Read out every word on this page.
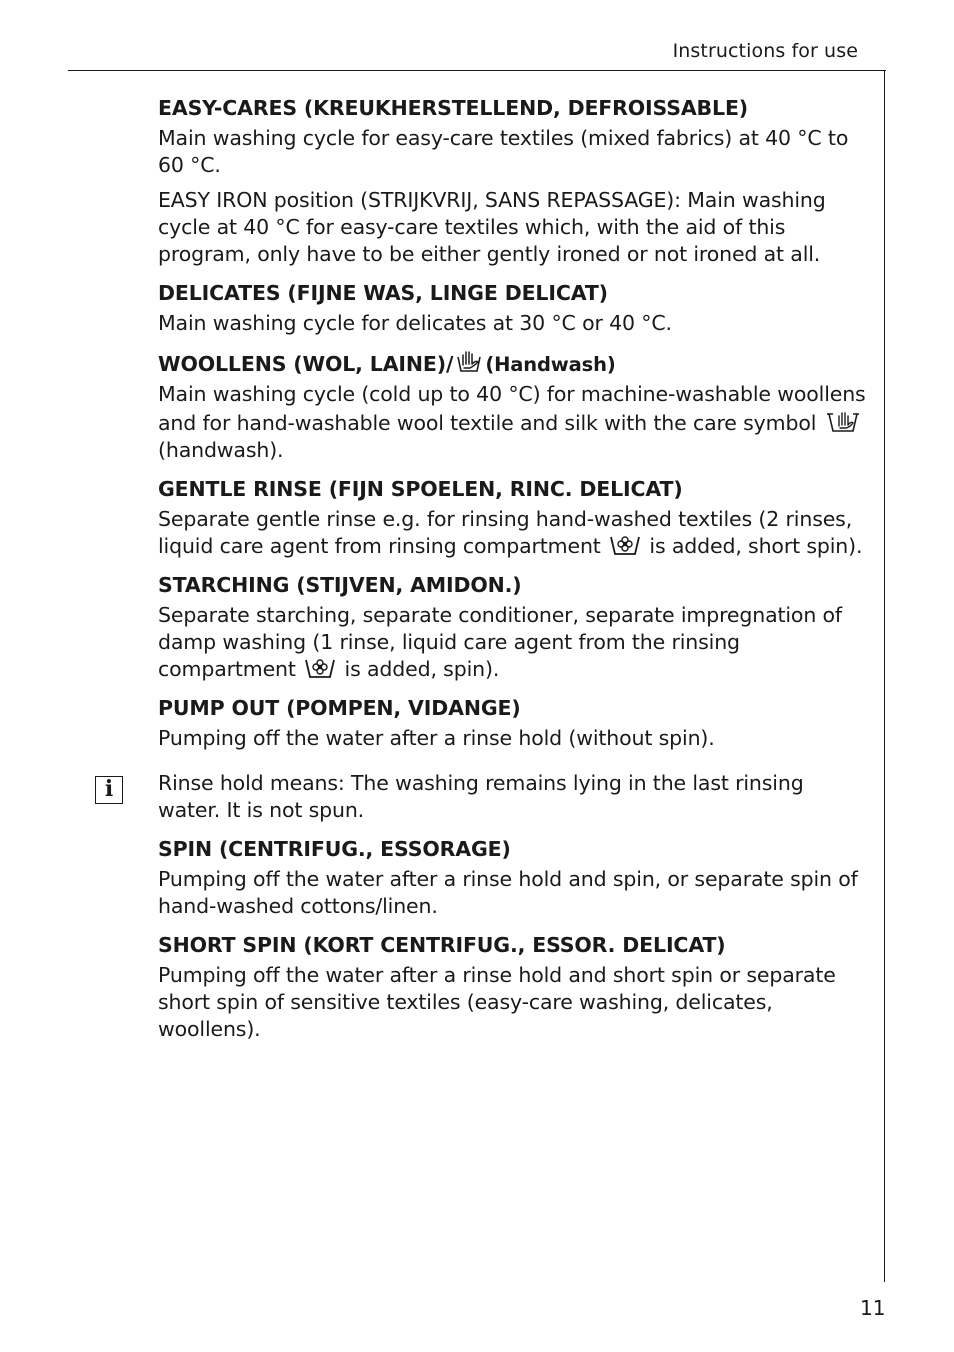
Instructions for use

EASY-CARES (KREUKHERSTELLEND, DEFROISSABLE)

Main washing cycle for easy-care textiles (mixed fabrics) at 40 °C to 60 °C.

EASY IRON position (STRIJKVRIJ, SANS REPASSAGE): Main washing cycle at 40 °C for easy-care textiles which, with the aid of this program, only have to be either gently ironed or not ironed at all.

DELICATES (FIJNE WAS, LINGE DELICAT)

Main washing cycle for delicates at 30 °C or 40 °C.

WOOLLENS (WOL, LAINE)/ (Handwash)

Main washing cycle (cold up to 40 °C) for machine-washable woollens and for hand-washable wool textile and silk with the care symbol  (handwash).

GENTLE RINSE (FIJN SPOELEN, RINC. DELICAT)

Separate gentle rinse e.g. for rinsing hand-washed textiles (2 rinses, liquid care agent from rinsing compartment is added, short spin).

STARCHING (STIJVEN, AMIDON.)

Separate starching, separate conditioner, separate impregnation of damp washing (1 rinse, liquid care agent from the rinsing compartment is added, spin).

PUMP OUT (POMPEN, VIDANGE)

Pumping off the water after a rinse hold (without spin).

i	Rinse hold means: The washing remains lying in the last rinsing water. It is not spun.

SPIN (CENTRIFUG., ESSORAGE)

Pumping off the water after a rinse hold and spin, or separate spin of hand-washed cottons/linen.

SHORT SPIN (KORT CENTRIFUG., ESSOR. DELICAT)

Pumping off the water after a rinse hold and short spin or separate short spin of sensitive textiles (easy-care washing, delicates, woollens).

11
